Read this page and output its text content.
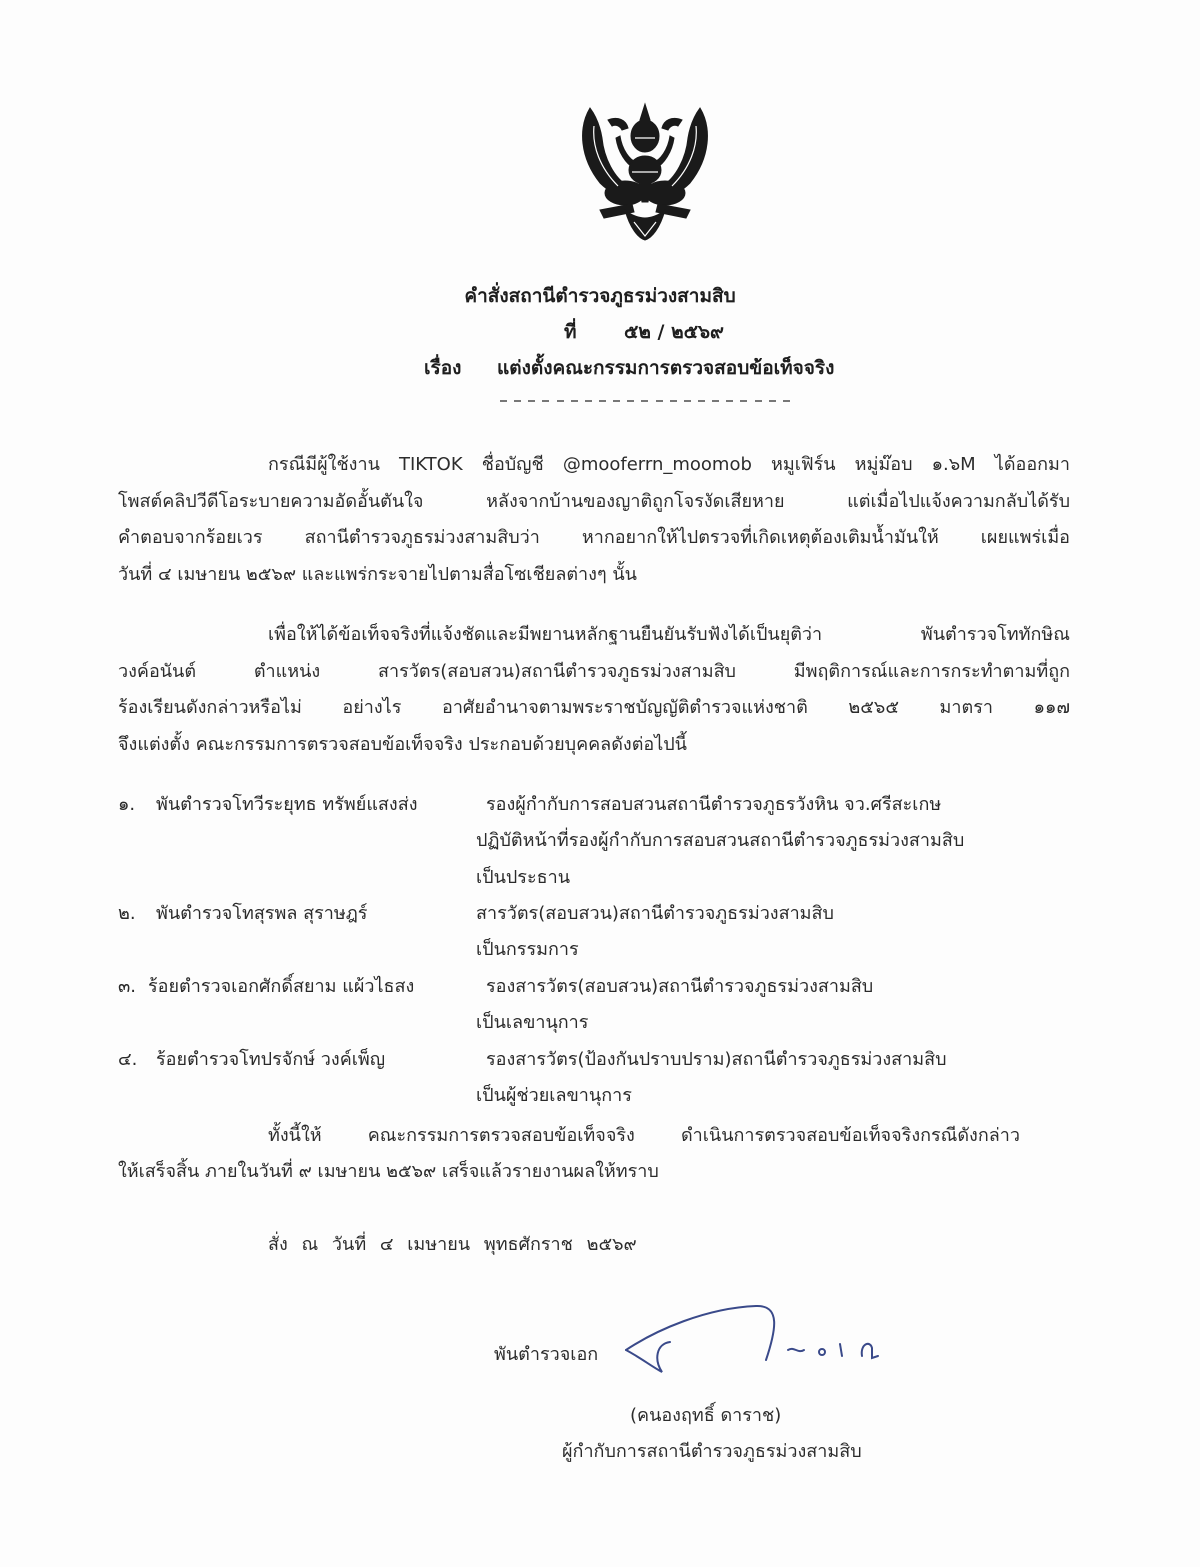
คำสั่งสถานีตำรวจภูธรม่วงสามสิบ
ที่ ๕๒ / ๒๕๖๙
เรื่อง แต่งตั้งคณะกรรมการตรวจสอบข้อเท็จจริง
กรณีมีผู้ใช้งาน TIKTOK ชื่อบัญชี @mooferrn_moomob หมูเฟิร์น หมู่ม๊อบ ๑.๖M ได้ออกมา
โพสต์คลิปวีดีโอระบายความอัดอั้นตันใจ หลังจากบ้านของญาติถูกโจรงัดเสียหาย แต่เมื่อไปแจ้งความกลับได้รับ
คำตอบจากร้อยเวร สถานีตำรวจภูธรม่วงสามสิบว่า หากอยากให้ไปตรวจที่เกิดเหตุต้องเติมน้ำมันให้ เผยแพร่เมื่อ
วันที่ ๔ เมษายน ๒๕๖๙ และแพร่กระจายไปตามสื่อโซเชียลต่างๆ นั้น
เพื่อให้ได้ข้อเท็จจริงที่แจ้งชัดและมีพยานหลักฐานยืนยันรับฟังได้เป็นยุติว่า พันตำรวจโททักษิณ
วงค์อนันต์ ตำแหน่ง สารวัตร(สอบสวน)สถานีตำรวจภูธรม่วงสามสิบ มีพฤติการณ์และการกระทำตามที่ถูก
ร้องเรียนดังกล่าวหรือไม่ อย่างไร อาศัยอำนาจตามพระราชบัญญัติตำรวจแห่งชาติ ๒๕๖๕ มาตรา ๑๑๗
จึงแต่งตั้ง คณะกรรมการตรวจสอบข้อเท็จจริง ประกอบด้วยบุคคลดังต่อไปนี้
๑. พันตำรวจโทวีระยุทธ ทรัพย์แสงส่ง	รองผู้กำกับการสอบสวนสถานีตำรวจภูธรวังหิน จว.ศรีสะเกษ
ปฏิบัติหน้าที่รองผู้กำกับการสอบสวนสถานีตำรวจภูธรม่วงสามสิบ
เป็นประธาน
๒. พันตำรวจโทสุรพล สุราษฎร์	สารวัตร(สอบสวน)สถานีตำรวจภูธรม่วงสามสิบ
เป็นกรรมการ
๓. ร้อยตำรวจเอกศักดิ์สยาม แผ้วไธสง	รองสารวัตร(สอบสวน)สถานีตำรวจภูธรม่วงสามสิบ
เป็นเลขานุการ
๔. ร้อยตำรวจโทปรจักษ์ วงค์เพ็ญ	รองสารวัตร(ป้องกันปราบปราม)สถานีตำรวจภูธรม่วงสามสิบ
เป็นผู้ช่วยเลขานุการ
ทั้งนี้ให้ คณะกรรมการตรวจสอบข้อเท็จจริง ดำเนินการตรวจสอบข้อเท็จจริงกรณีดังกล่าว
ให้เสร็จสิ้น ภายในวันที่ ๙ เมษายน ๒๕๖๙ เสร็จแล้วรายงานผลให้ทราบ
สั่ง ณ วันที่ ๔ เมษายน พุทธศักราช ๒๕๖๙
พันตำรวจเอก
(คนองฤทธิ์ ดาราช)
ผู้กำกับการสถานีตำรวจภูธรม่วงสามสิบ
